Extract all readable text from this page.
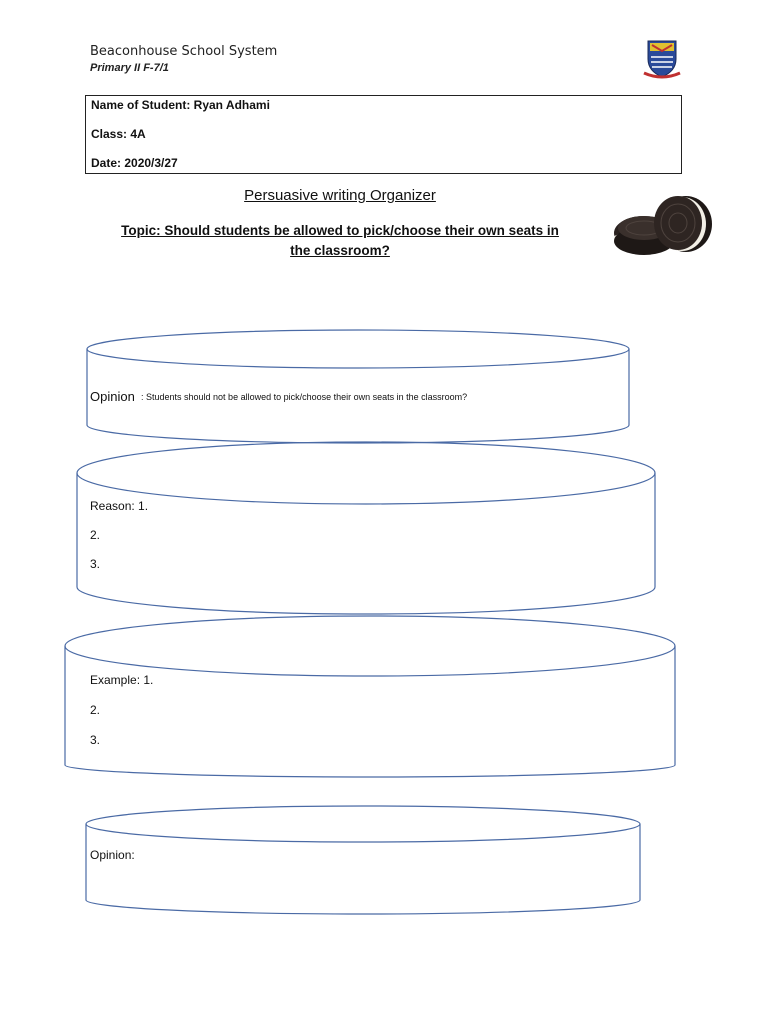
Beaconhouse School System
Primary II F-7/1
Name of Student: Ryan Adhami
Class: 4A
Date: 2020/3/27
Persuasive writing Organizer
Topic: Should students be allowed to pick/choose their own seats in the classroom?
Opinion : Students should not be allowed to pick/choose their own seats in the classroom?
Reason: 1.
2.
3.
Example: 1.
2.
3.
Opinion:
